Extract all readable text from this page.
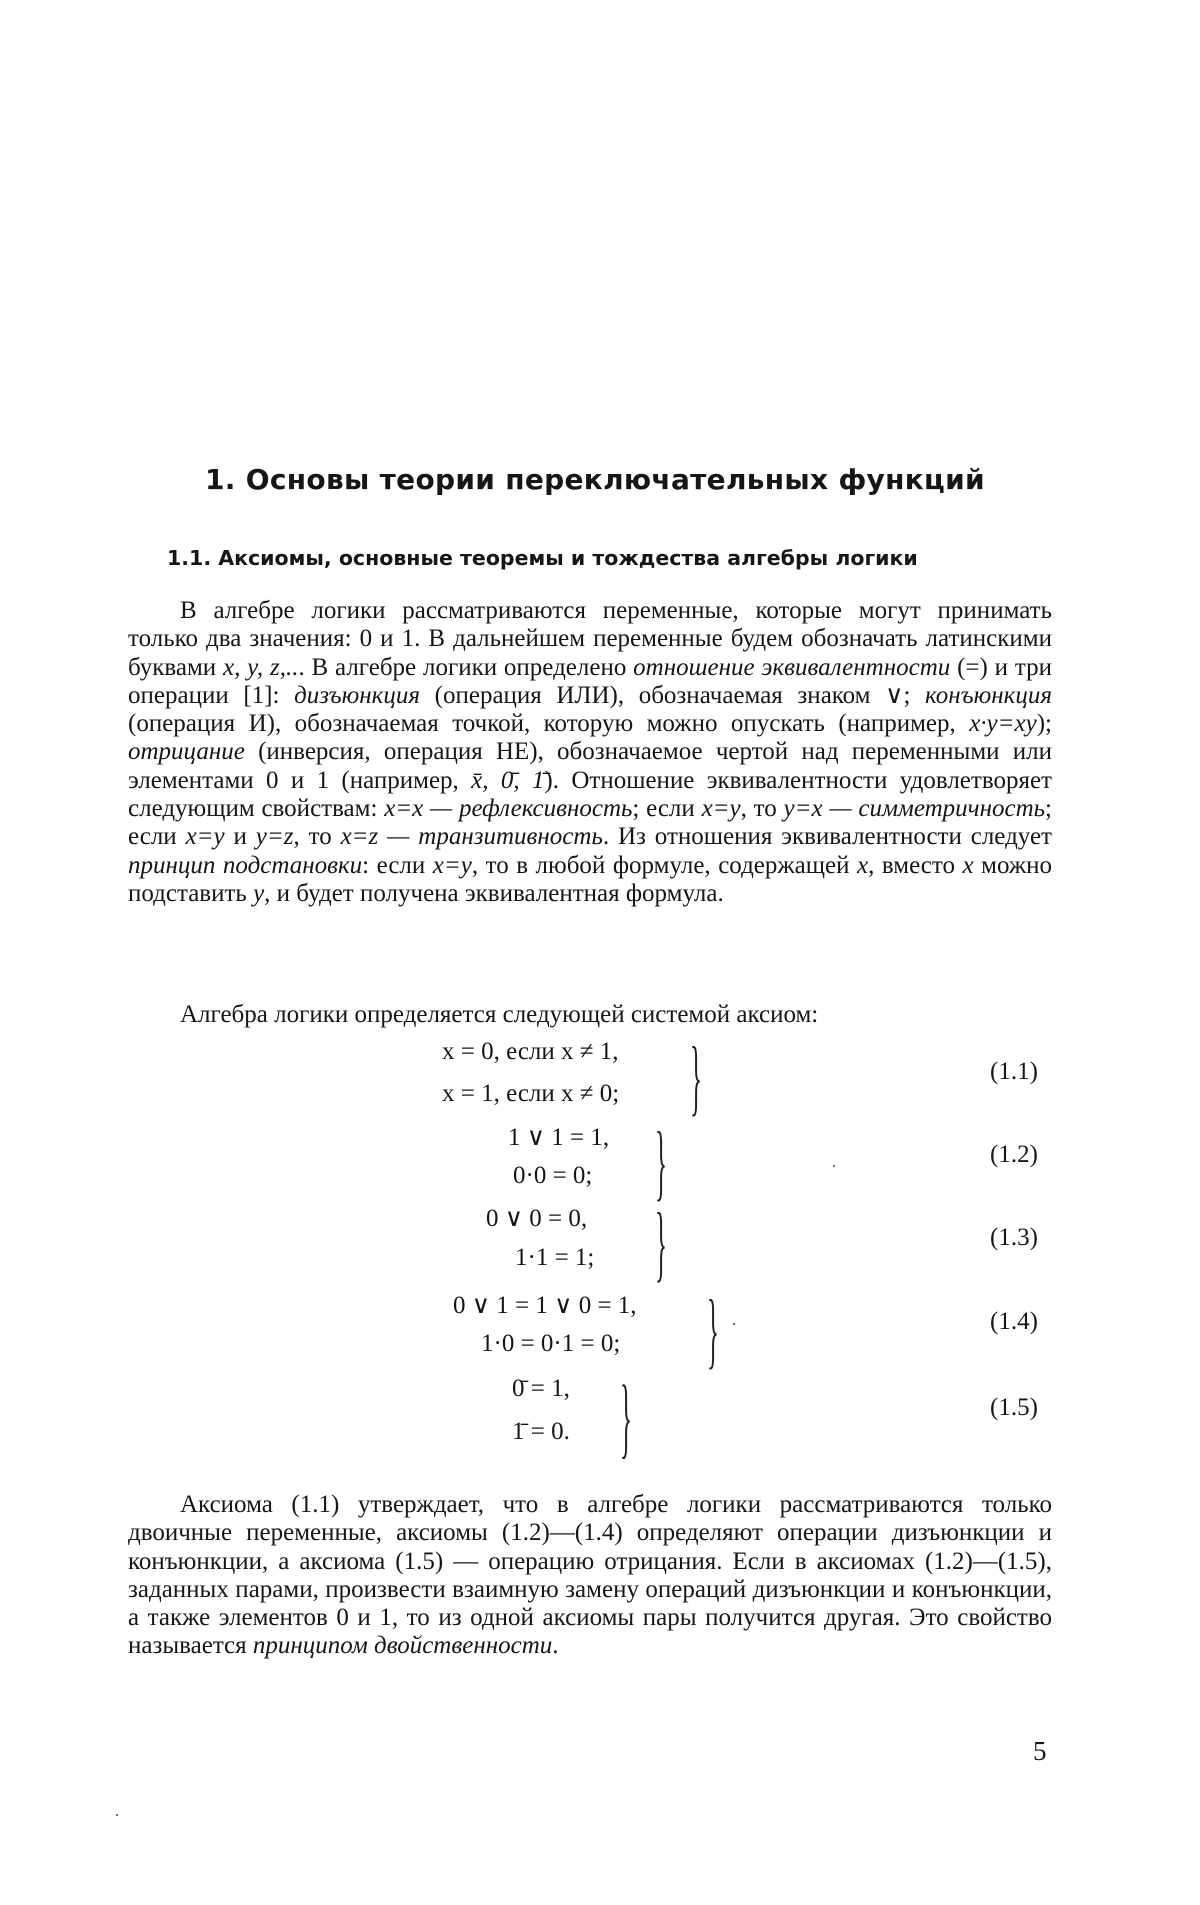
1. Основы теории переключательных функций
1.1. Аксиомы, основные теоремы и тождества алгебры логики
В алгебре логики рассматриваются переменные, которые могут принимать только два значения: 0 и 1. В дальнейшем переменные будем обозначать латинскими буквами x, y, z,... В алгебре логики определено отношение эквивалентности (=) и три операции [1]: дизъюнкция (операция ИЛИ), обозначаемая знаком ∨; конъюнкция (операция И), обозначаемая точкой, которую можно опускать (например, x·y=xy); отрицание (инверсия, операция НЕ), обозначаемое чертой над переменными или элементами 0 и 1 (например, x̄, 0̄, 1̄). Отношение эквивалентности удовлетворяет следующим свойствам: x=x — рефлексивность; если x=y, то y=x — симметричность; если x=y и y=z, то x=z — транзитивность. Из отношения эквивалентности следует принцип подстановки: если x=y, то в любой формуле, содержащей x, вместо x можно подставить y, и будет получена эквивалентная формула.
Алгебра логики определяется следующей системой аксиом:
x = 0, если x ≠ 1,
x = 1, если x ≠ 0; }	(1.1)
1 ∨ 1 = 1,
0·0 = 0; }	(1.2)
0 ∨ 0 = 0,
1·1 = 1; }	(1.3)
0 ∨ 1 = 1 ∨ 0 = 1,
1·0 = 0·1 = 0; }	(1.4)
0̄ = 1,
1̄ = 0. }	(1.5)
Аксиома (1.1) утверждает, что в алгебре логики рассматриваются только двоичные переменные, аксиомы (1.2)—(1.4) определяют операции дизъюнкции и конъюнкции, а аксиома (1.5) — операцию отрицания. Если в аксиомах (1.2)—(1.5), заданных парами, произвести взаимную замену операций дизъюнкции и конъюнкции, а также элементов 0 и 1, то из одной аксиомы пары получится другая. Это свойство называется принципом двойственности.
5
